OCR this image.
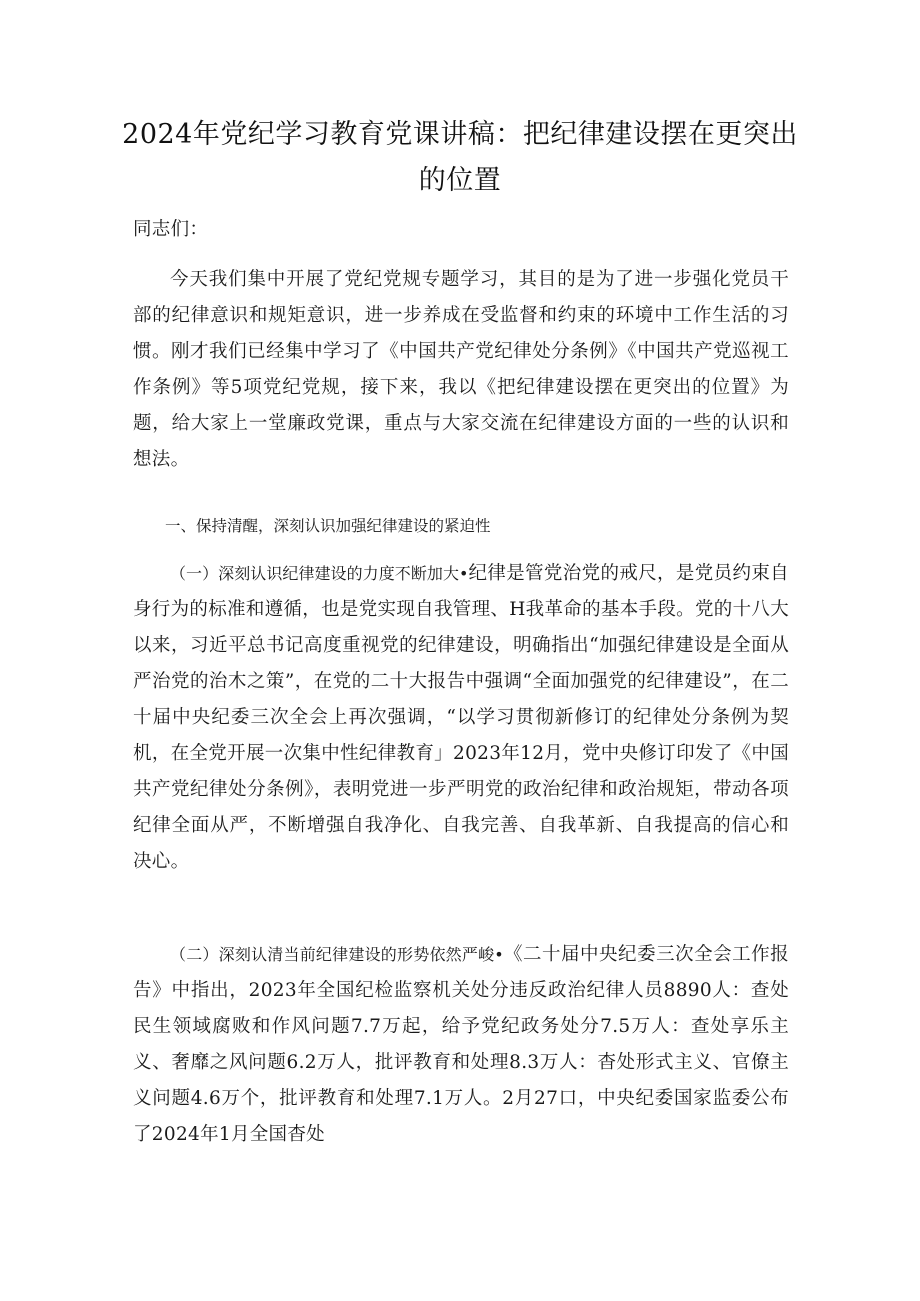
2024年党纪学习教育党课讲稿：把纪律建设摆在更突出的位置
同志们：
今天我们集中开展了党纪党规专题学习，其目的是为了进一步强化党员干部的纪律意识和规矩意识，进一步养成在受监督和约束的环境中工作生活的习惯。刚才我们已经集中学习了《中国共产党纪律处分条例》《中国共产党巡视工作条例》等5项党纪党规，接下来，我以《把纪律建设摆在更突出的位置》为题，给大家上一堂廉政党课，重点与大家交流在纪律建设方面的一些的认识和想法。
一、保持清醒，深刻认识加强纪律建设的紧迫性
（一）深刻认识纪律建设的力度不断加大•纪律是管党治党的戒尺，是党员约束自身行为的标准和遵循，也是党实现自我管理、H我革命的基本手段。党的十八大以来，习近平总书记高度重视党的纪律建设，明确指出“加强纪律建设是全面从严治党的治木之策”，在党的二十大报告中强调“全面加强党的纪律建设”，在二十届中央纪委三次全会上再次强调，“以学习贯彻新修订的纪律处分条例为契机，在全党开展一次集中性纪律教育」2023年12月，党中央修订印发了《中国共产党纪律处分条例》，表明党进一步严明党的政治纪律和政治规矩，带动各项纪律全面从严，不断增强自我净化、自我完善、自我革新、自我提高的信心和决心。
（二）深刻认清当前纪律建设的形势依然严峻•《二十届中央纪委三次全会工作报告》中指出，2023年全国纪检监察机关处分违反政治纪律人员8890人：查处民生领域腐败和作风问题7.7万起，给予党纪政务处分7.5万人：查处享乐主义、奢靡之风问题6.2万人，批评教育和处理8.3万人：杳处形式主义、官僚主义问题4.6万个，批评教育和处理7.1万人。2月27口，中央纪委国家监委公布了2024年1月全国杳处
